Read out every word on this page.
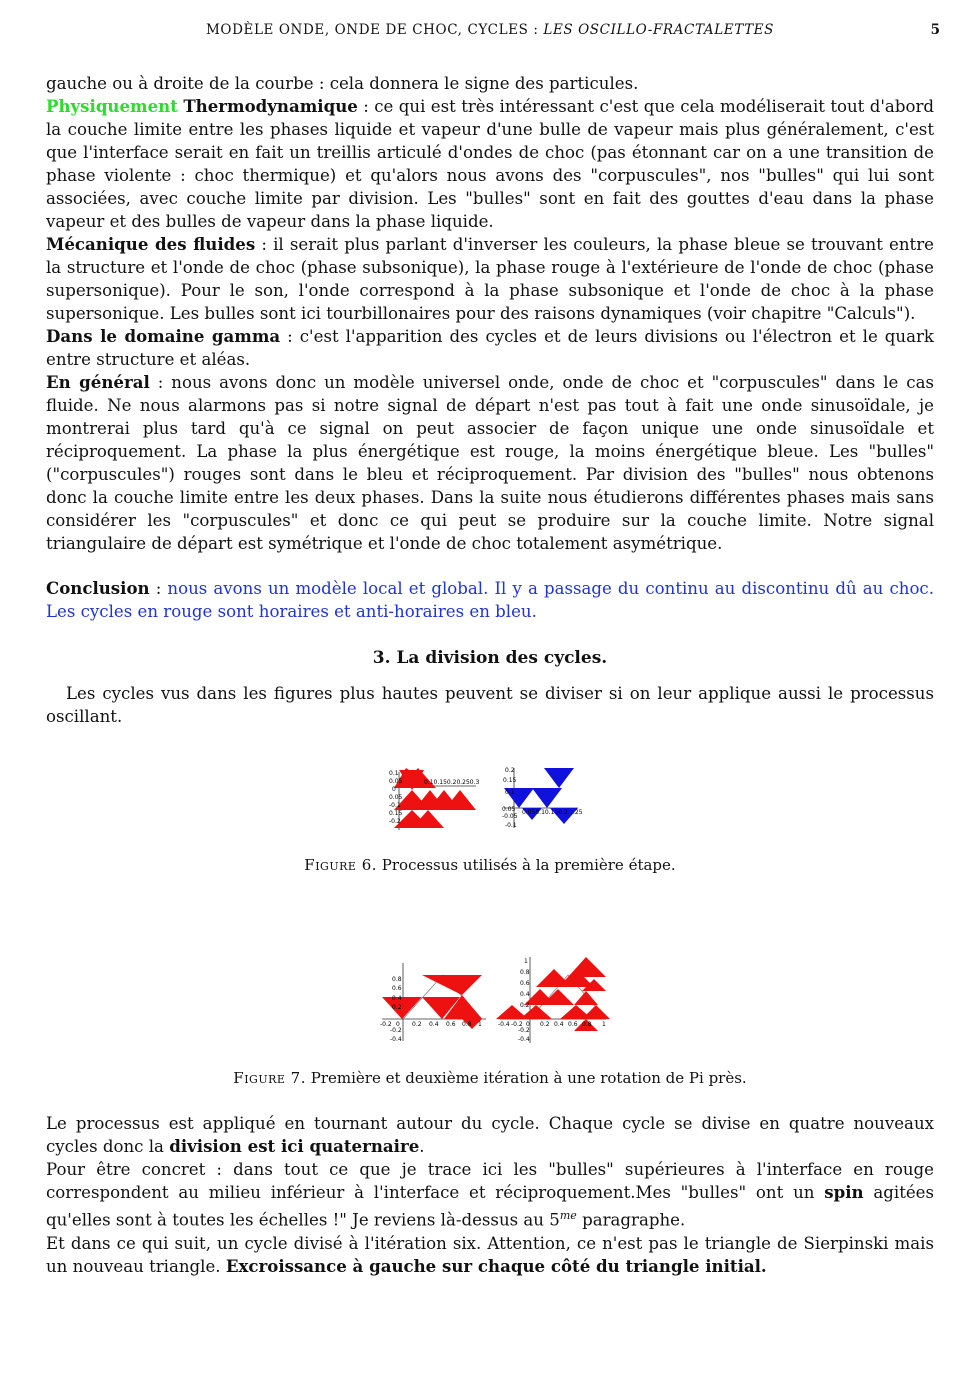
MODÈLE ONDE, ONDE DE CHOC, CYCLES : LES OSCILLO-FRACTALETTES	5

gauche ou à droite de la courbe : cela donnera le signe des particules.

Physiquement Thermodynamique : ce qui est très intéressant c'est que cela modéliserait tout d'abord la couche limite entre les phases liquide et vapeur d'une bulle de vapeur mais plus généralement, c'est que l'interface serait en fait un treillis articulé d'ondes de choc (pas étonnant car on a une transition de phase violente : choc thermique) et qu'alors nous avons des "corpuscules", nos "bulles" qui lui sont associées, avec couche limite par division. Les "bulles" sont en fait des gouttes d'eau dans la phase vapeur et des bulles de vapeur dans la phase liquide.

Mécanique des fluides : il serait plus parlant d'inverser les couleurs, la phase bleue se trouvant entre la structure et l'onde de choc (phase subsonique), la phase rouge à l'extérieure de l'onde de choc (phase supersonique). Pour le son, l'onde correspond à la phase subsonique et l'onde de choc à la phase supersonique. Les bulles sont ici tourbillonaires pour des raisons dynamiques (voir chapitre "Calculs").

Dans le domaine gamma : c'est l'apparition des cycles et de leurs divisions ou l'électron et le quark entre structure et aléas.

En général : nous avons donc un modèle universel onde, onde de choc et "corpuscules" dans le cas fluide. Ne nous alarmons pas si notre signal de départ n'est pas tout à fait une onde sinusoïdale, je montrerai plus tard qu'à ce signal on peut associer de façon unique une onde sinusoïdale et réciproquement. La phase la plus énergétique est rouge, la moins énergétique bleue. Les "bulles" ("corpuscules") rouges sont dans le bleu et réciproquement. Par division des "bulles" nous obtenons donc la couche limite entre les deux phases. Dans la suite nous étudierons différentes phases mais sans considérer les "corpuscules" et donc ce qui peut se produire sur la couche limite. Notre signal triangulaire de départ est symétrique et l'onde de choc totalement asymétrique.

Conclusion : nous avons un modèle local et global. Il y a passage du continu au discontinu dû au choc. Les cycles en rouge sont horaires et anti-horaires en bleu.

3. La division des cycles.

Les cycles vus dans les figures plus hautes peuvent se diviser si on leur applique aussi le processus oscillant.

0.1
0.05
0
0.05
-0.1
0.15
-0.2
0.10.150.20.250.3
0.2
0.15
0.1
0.05
-0.05
-0.1
0.050.10.150.2 .25
Figure 6. Processus utilisés à la première étape.
0.8
0.6
0.4
0.2
-0.2
-0.4
-0.2 0 0.2 0.4 0.6 0.8 1
1
0.8
0.6
0.4
0.2
-0.2
-0.4
-0.4 -0.2 0 0.2 0.4 0.6 0.8 1
Figure 7. Première et deuxième itération à une rotation de Pi près.

Le processus est appliqué en tournant autour du cycle. Chaque cycle se divise en quatre nouveaux cycles donc la division est ici quaternaire.

Pour être concret : dans tout ce que je trace ici les "bulles" supérieures à l'interface en rouge correspondent au milieu inférieur à l'interface et réciproquement.Mes "bulles" ont un spin agitées qu'elles sont à toutes les échelles !" Je reviens là-dessus au $5^{me}$ paragraphe.

Et dans ce qui suit, un cycle divisé à l'itération six. Attention, ce n'est pas le triangle de Sierpinski mais un nouveau triangle. Excroissance à gauche sur chaque côté du triangle initial.
